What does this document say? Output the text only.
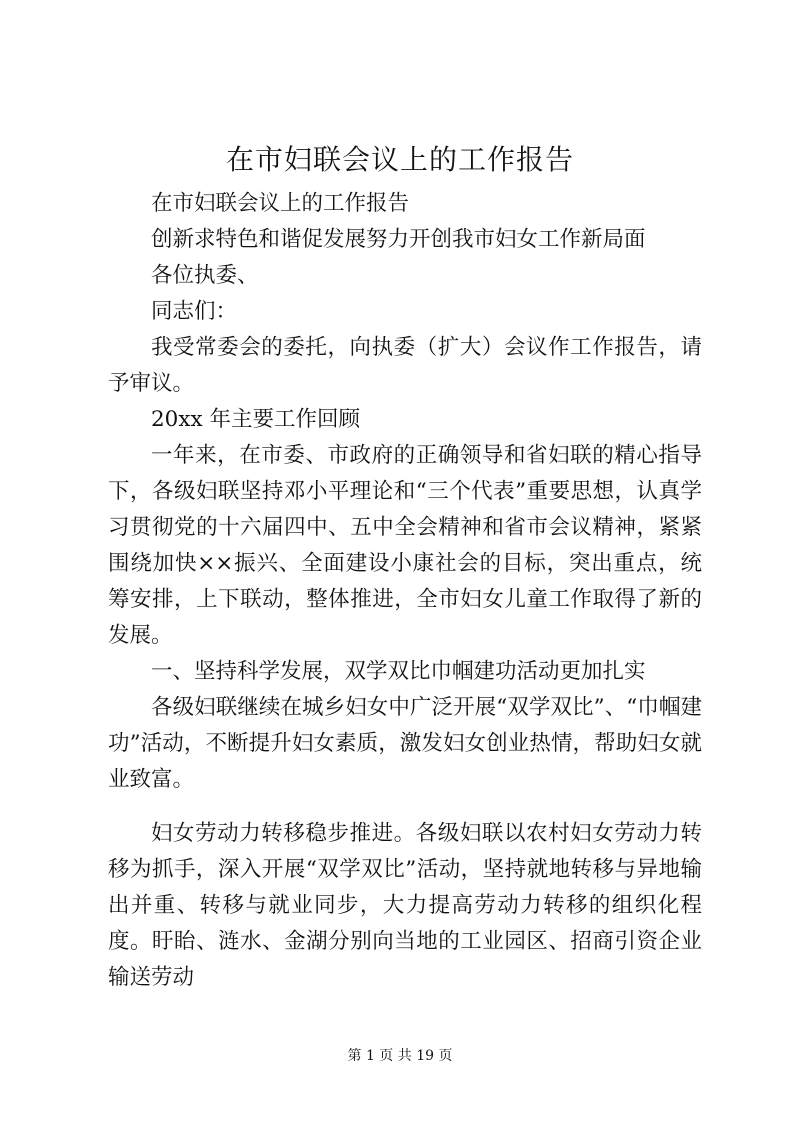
在市妇联会议上的工作报告

在市妇联会议上的工作报告

创新求特色和谐促发展努力开创我市妇女工作新局面

各位执委、

同志们：

我受常委会的委托，向执委（扩大）会议作工作报告，请予审议。

20xx 年主要工作回顾

一年来，在市委、市政府的正确领导和省妇联的精心指导下，各级妇联坚持邓小平理论和“三个代表”重要思想，认真学习贯彻党的十六届四中、五中全会精神和省市会议精神，紧紧围绕加快××振兴、全面建设小康社会的目标，突出重点，统筹安排，上下联动，整体推进，全市妇女儿童工作取得了新的发展。

一、坚持科学发展，双学双比巾帼建功活动更加扎实

各级妇联继续在城乡妇女中广泛开展“双学双比”、“巾帼建功”活动，不断提升妇女素质，激发妇女创业热情，帮助妇女就业致富。

妇女劳动力转移稳步推进。各级妇联以农村妇女劳动力转移为抓手，深入开展“双学双比”活动，坚持就地转移与异地输出并重、转移与就业同步，大力提高劳动力转移的组织化程度。盱眙、涟水、金湖分别向当地的工业园区、招商引资企业输送劳动

第 1 页 共 19 页
